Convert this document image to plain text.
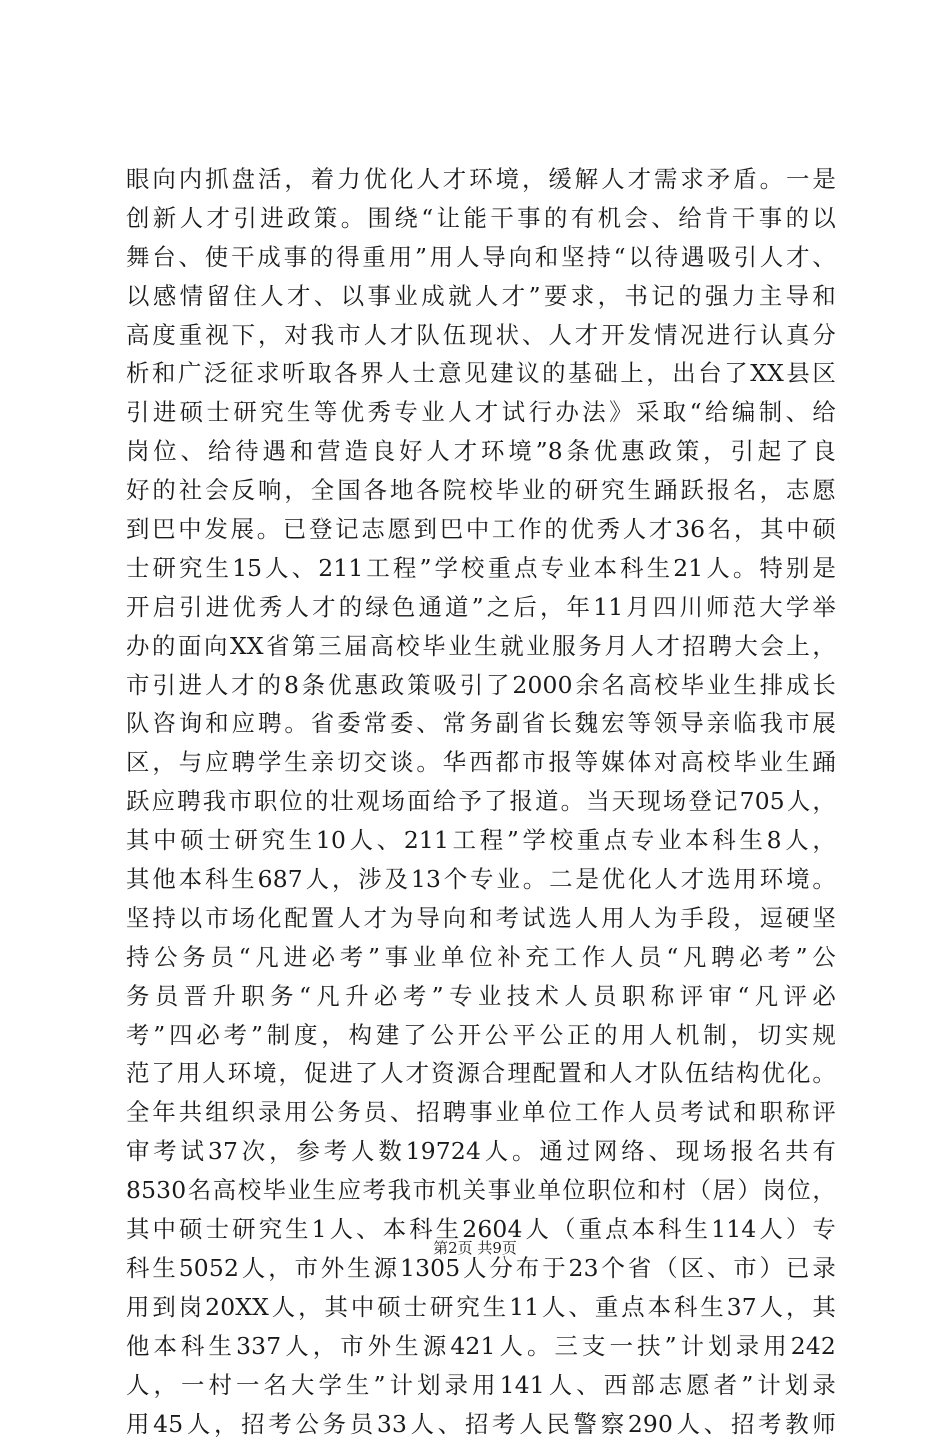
眼向内抓盘活，着力优化人才环境，缓解人才需求矛盾。一是
创新人才引进政策。围绕“让能干事的有机会、给肯干事的以
舞台、使干成事的得重用”用人导向和坚持“以待遇吸引人才、
以感情留住人才、以事业成就人才”要求，书记的强力主导和
高度重视下，对我市人才队伍现状、人才开发情况进行认真分
析和广泛征求听取各界人士意见建议的基础上，出台了XX县区
引进硕士研究生等优秀专业人才试行办法》采取“给编制、给
岗位、给待遇和营造良好人才环境”8条优惠政策，引起了良
好的社会反响，全国各地各院校毕业的研究生踊跃报名，志愿
到巴中发展。已登记志愿到巴中工作的优秀人才36名，其中硕
士研究生15人、211工程”学校重点专业本科生21人。特别是
开启引进优秀人才的绿色通道”之后，年11月四川师范大学举
办的面向XX省第三届高校毕业生就业服务月人才招聘大会上，
市引进人才的8条优惠政策吸引了2000余名高校毕业生排成长
队咨询和应聘。省委常委、常务副省长魏宏等领导亲临我市展
区，与应聘学生亲切交谈。华西都市报等媒体对高校毕业生踊
跃应聘我市职位的壮观场面给予了报道。当天现场登记705人，
其中硕士研究生10人、211工程”学校重点专业本科生8人，
其他本科生687人，涉及13个专业。二是优化人才选用环境。
坚持以市场化配置人才为导向和考试选人用人为手段，逗硬坚
持公务员“凡进必考”事业单位补充工作人员“凡聘必考”公
务员晋升职务“凡升必考”专业技术人员职称评审“凡评必
考”四必考”制度，构建了公开公平公正的用人机制，切实规
范了用人环境，促进了人才资源合理配置和人才队伍结构优化。
全年共组织录用公务员、招聘事业单位工作人员考试和职称评
审考试37次，参考人数19724人。通过网络、现场报名共有
8530名高校毕业生应考我市机关事业单位职位和村（居）岗位，
其中硕士研究生1人、本科生2604人（重点本科生114人）专
科生5052人，市外生源1305人分布于23个省（区、市）已录
用到岗20XX人，其中硕士研究生11人、重点本科生37人，其
他本科生337人，市外生源421人。三支一扶”计划录用242
人，一村一名大学生”计划录用141人、西部志愿者”计划录
用45人，招考公务员33人、招考人民警察290人、招考教师
第2页 共9页
